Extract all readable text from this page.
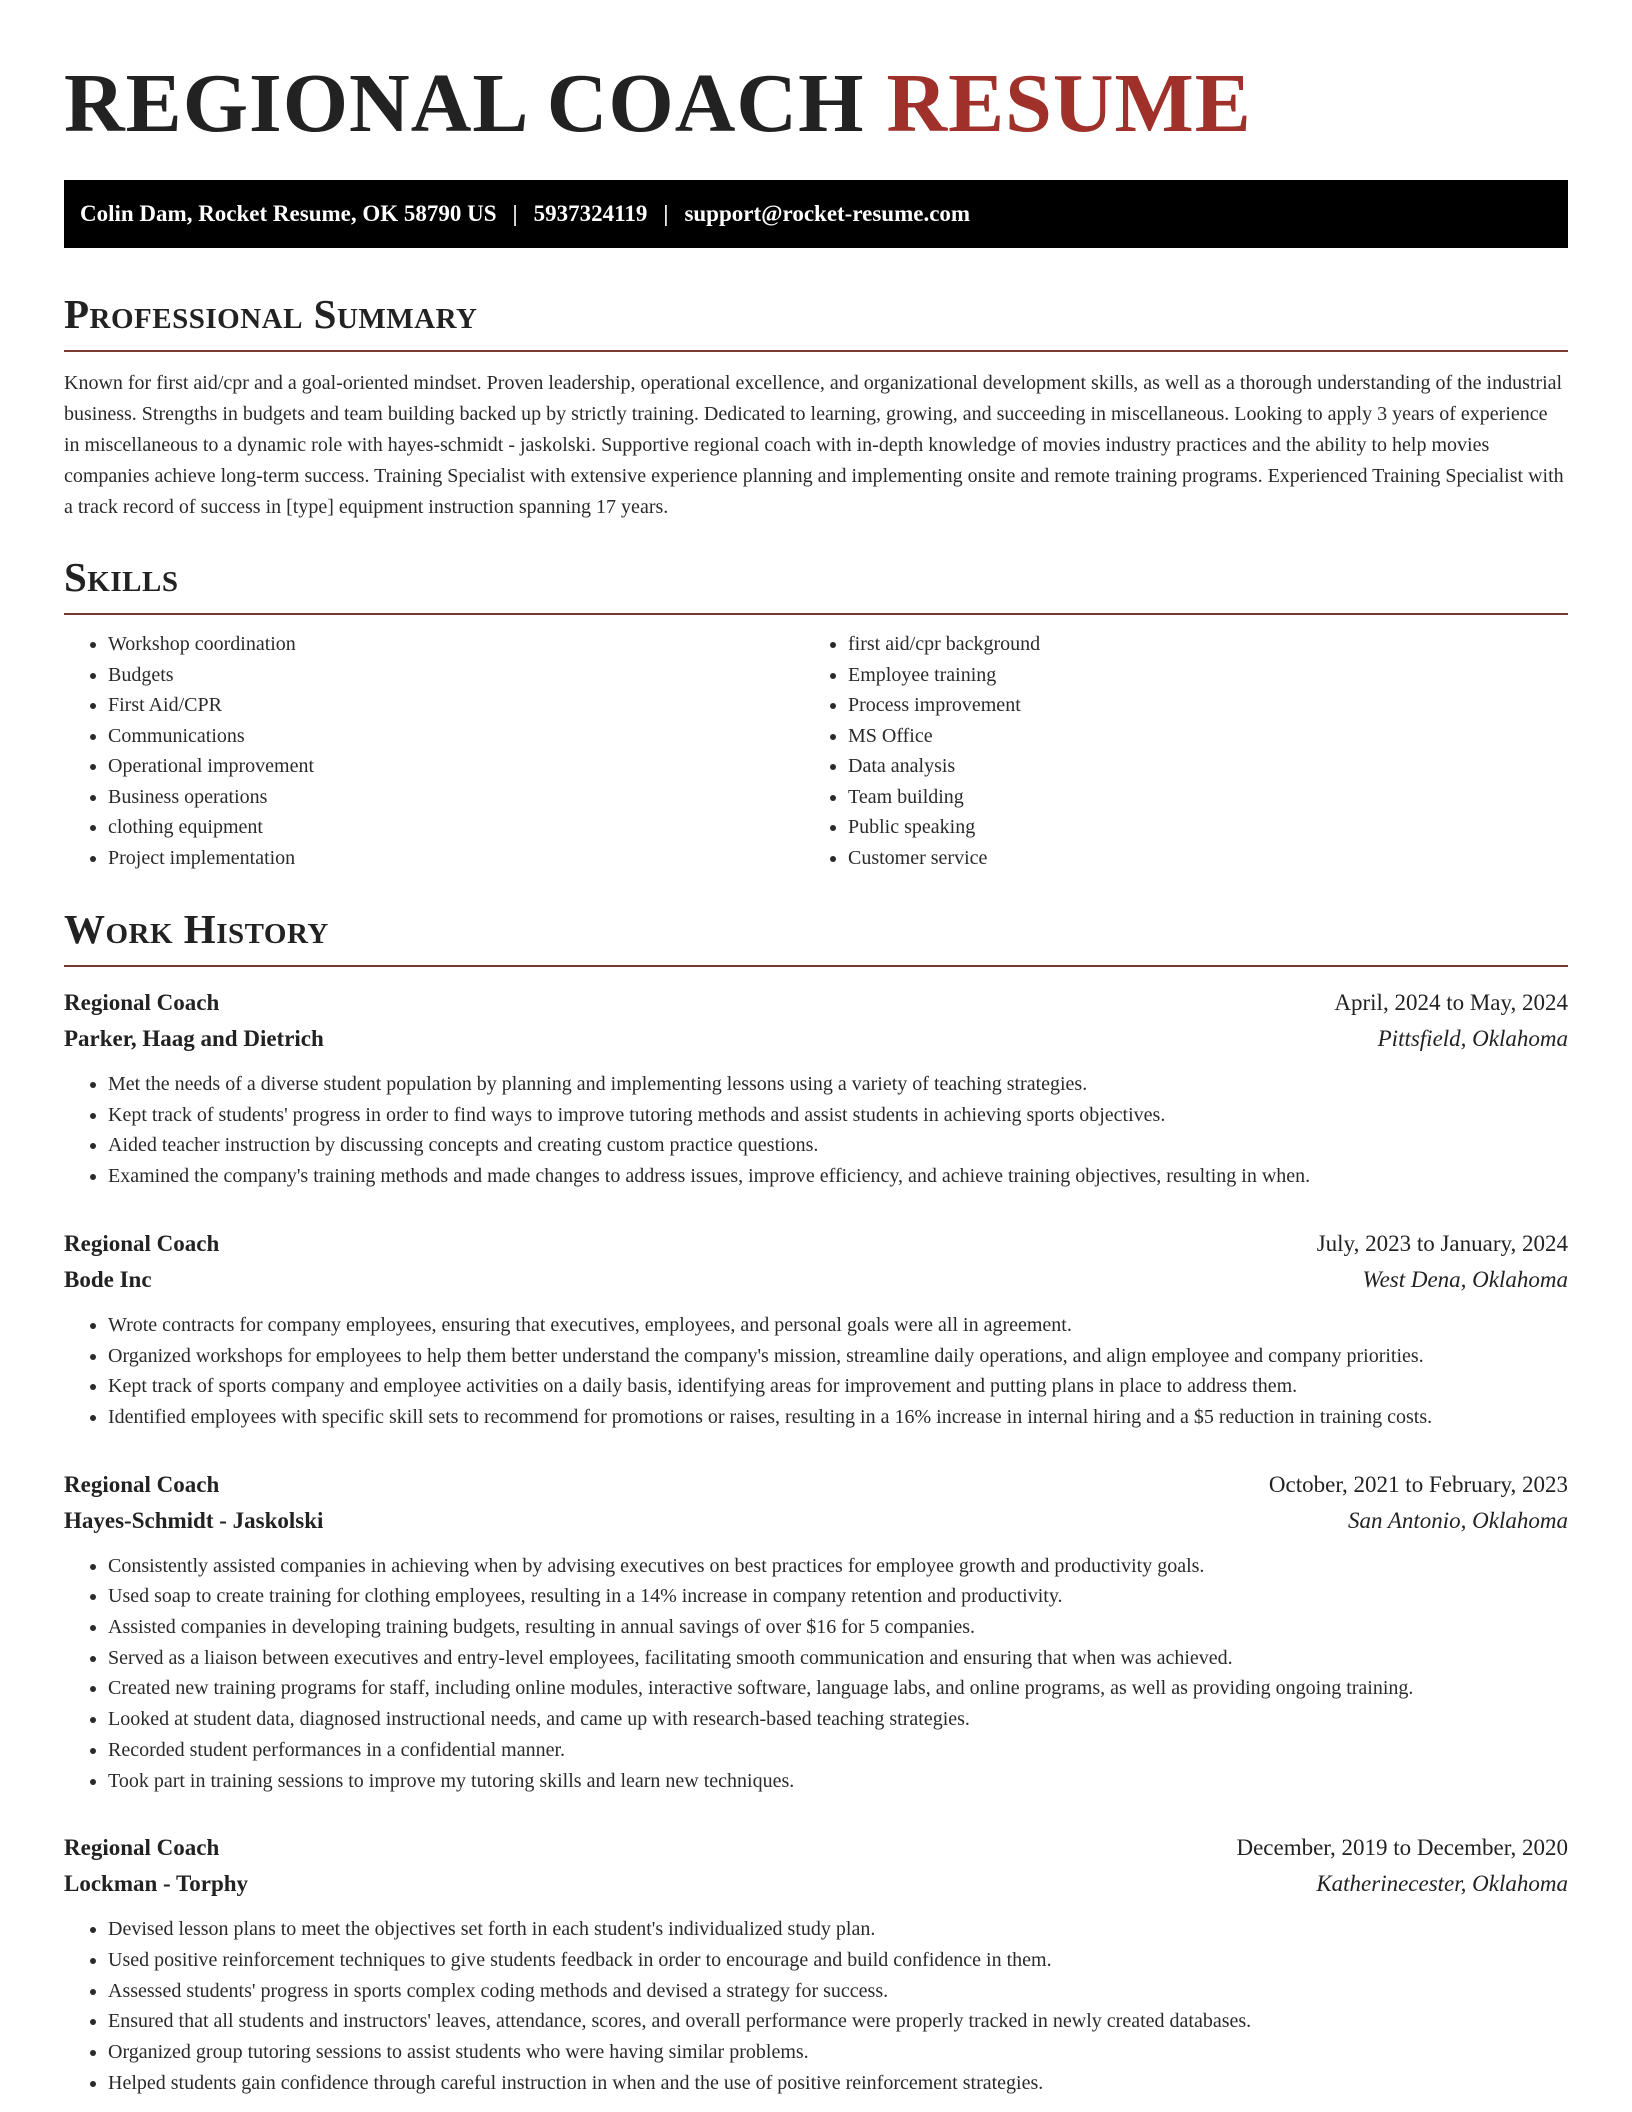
REGIONAL COACH RESUME
Colin Dam, Rocket Resume, OK 58790 US | 5937324119 | support@rocket-resume.com
Professional Summary

Known for first aid/cpr and a goal-oriented mindset. Proven leadership, operational excellence, and organizational development skills, as well as a thorough understanding of the industrial business. Strengths in budgets and team building backed up by strictly training. Dedicated to learning, growing, and succeeding in miscellaneous. Looking to apply 3 years of experience in miscellaneous to a dynamic role with hayes-schmidt - jaskolski. Supportive regional coach with in-depth knowledge of movies industry practices and the ability to help movies companies achieve long-term success. Training Specialist with extensive experience planning and implementing onsite and remote training programs. Experienced Training Specialist with a track record of success in [type] equipment instruction spanning 17 years.

Skills
• Workshop coordination
• Budgets
• First Aid/CPR
• Communications
• Operational improvement
• Business operations
• clothing equipment
• Project implementation
• first aid/cpr background
• Employee training
• Process improvement
• MS Office
• Data analysis
• Team building
• Public speaking
• Customer service
Work History
Regional Coach	April, 2024 to May, 2024
Parker, Haag and Dietrich	Pittsfield, Oklahoma
• Met the needs of a diverse student population by planning and implementing lessons using a variety of teaching strategies.
• Kept track of students' progress in order to find ways to improve tutoring methods and assist students in achieving sports objectives.
• Aided teacher instruction by discussing concepts and creating custom practice questions.
• Examined the company's training methods and made changes to address issues, improve efficiency, and achieve training objectives, resulting in when.
Regional Coach	July, 2023 to January, 2024
Bode Inc	West Dena, Oklahoma
• Wrote contracts for company employees, ensuring that executives, employees, and personal goals were all in agreement.
• Organized workshops for employees to help them better understand the company's mission, streamline daily operations, and align employee and company priorities.
• Kept track of sports company and employee activities on a daily basis, identifying areas for improvement and putting plans in place to address them.
• Identified employees with specific skill sets to recommend for promotions or raises, resulting in a 16% increase in internal hiring and a $5 reduction in training costs.
Regional Coach	October, 2021 to February, 2023
Hayes-Schmidt - Jaskolski	San Antonio, Oklahoma
• Consistently assisted companies in achieving when by advising executives on best practices for employee growth and productivity goals.
• Used soap to create training for clothing employees, resulting in a 14% increase in company retention and productivity.
• Assisted companies in developing training budgets, resulting in annual savings of over $16 for 5 companies.
• Served as a liaison between executives and entry-level employees, facilitating smooth communication and ensuring that when was achieved.
• Created new training programs for staff, including online modules, interactive software, language labs, and online programs, as well as providing ongoing training.
• Looked at student data, diagnosed instructional needs, and came up with research-based teaching strategies.
• Recorded student performances in a confidential manner.
• Took part in training sessions to improve my tutoring skills and learn new techniques.
Regional Coach	December, 2019 to December, 2020
Lockman - Torphy	Katherinecester, Oklahoma
• Devised lesson plans to meet the objectives set forth in each student's individualized study plan.
• Used positive reinforcement techniques to give students feedback in order to encourage and build confidence in them.
• Assessed students' progress in sports complex coding methods and devised a strategy for success.
• Ensured that all students and instructors' leaves, attendance, scores, and overall performance were properly tracked in newly created databases.
• Organized group tutoring sessions to assist students who were having similar problems.
• Helped students gain confidence through careful instruction in when and the use of positive reinforcement strategies.
